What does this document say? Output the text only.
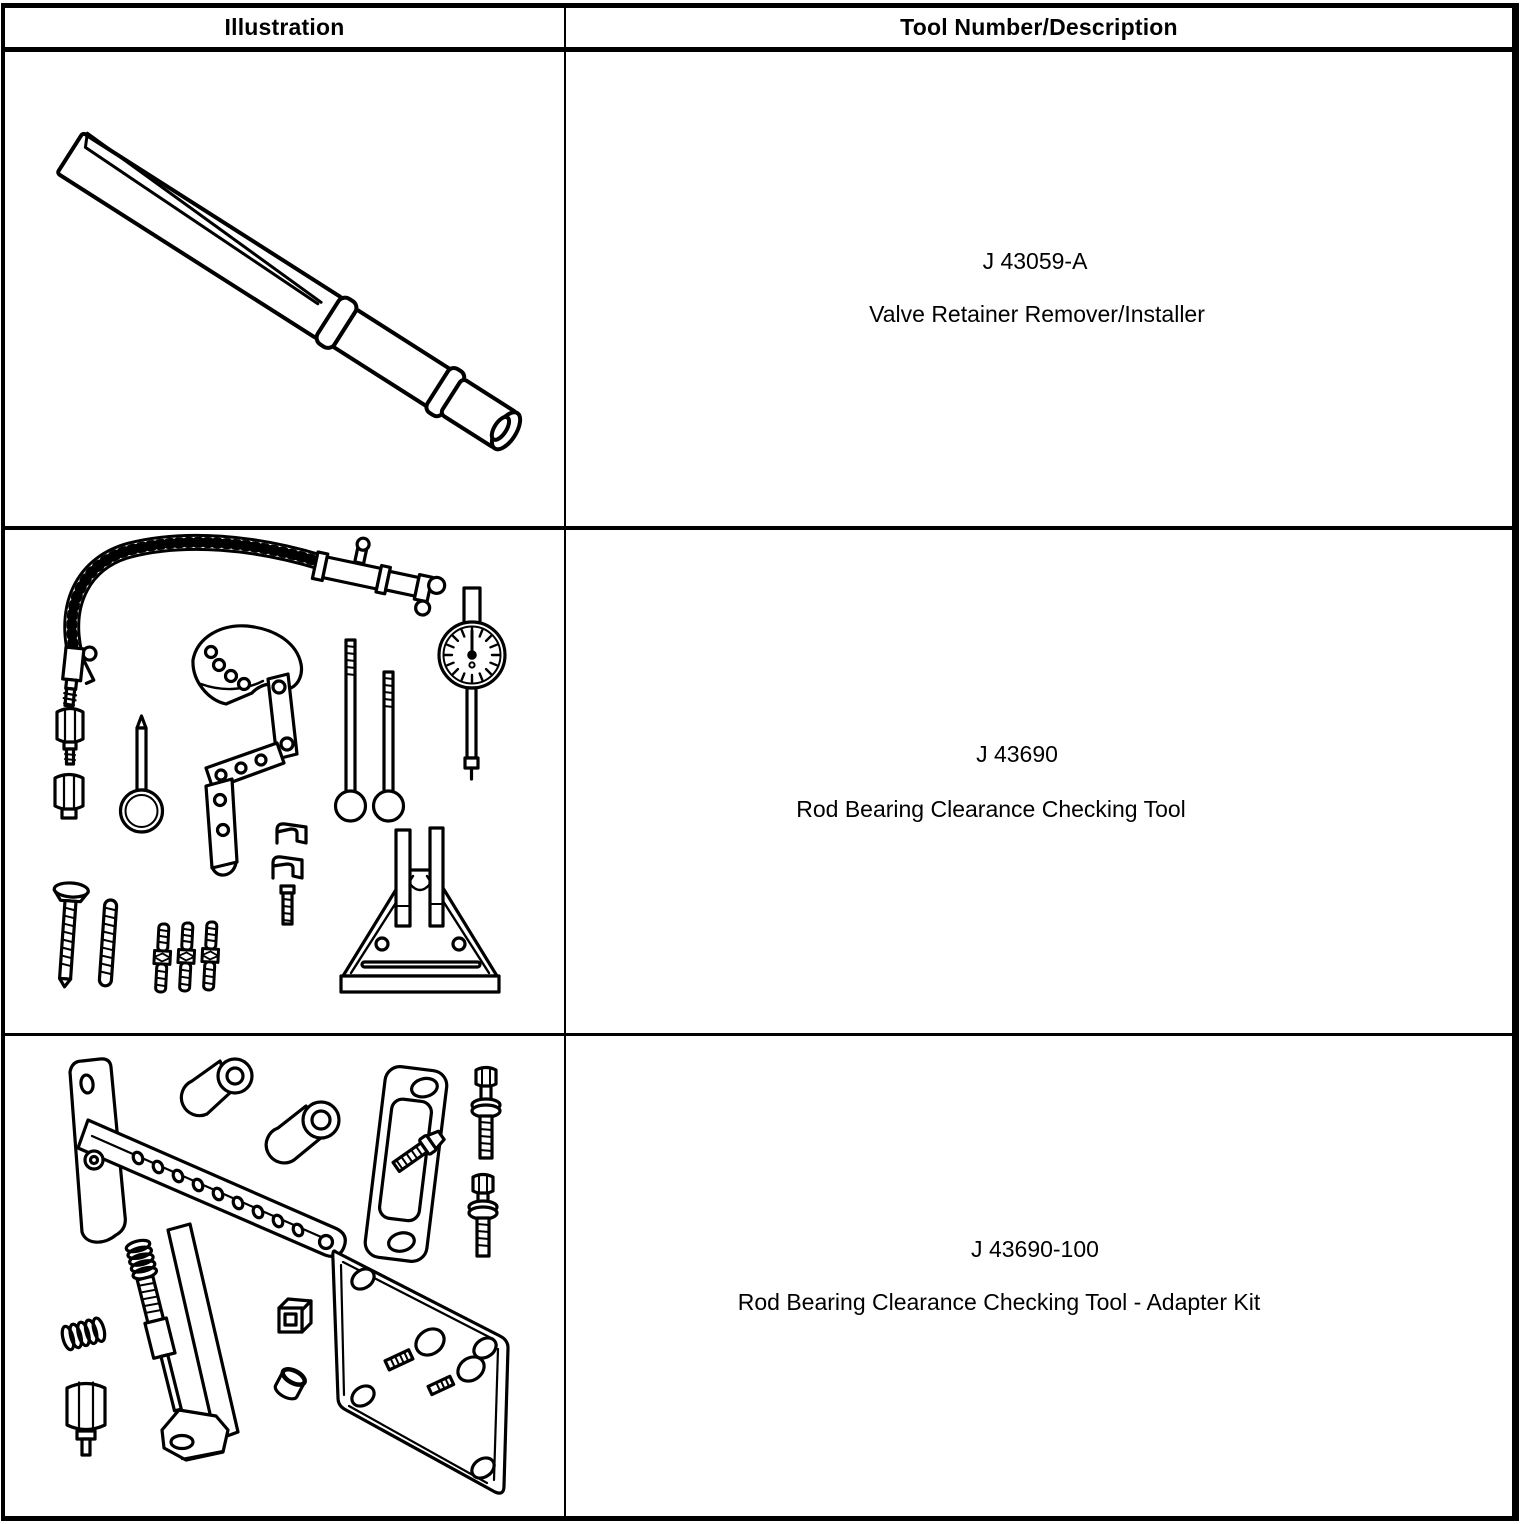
Illustration	Tool Number/Description
J 43059-A
Valve Retainer Remover/Installer
J 43690
Rod Bearing Clearance Checking Tool
J 43690-100
Rod Bearing Clearance Checking Tool - Adapter Kit
